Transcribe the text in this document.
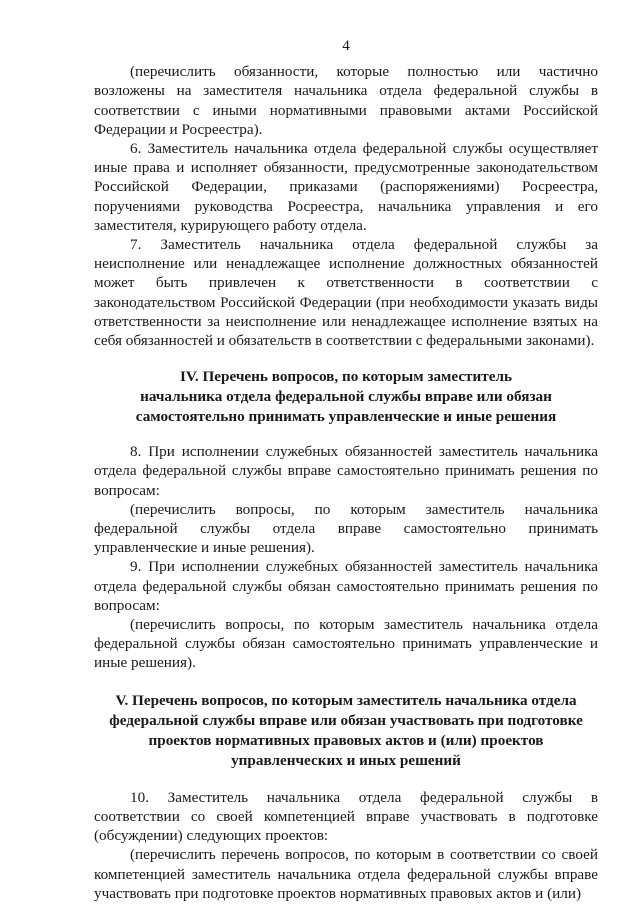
4

(перечислить обязанности, которые полностью или частично возложены на заместителя начальника отдела федеральной службы в соответствии с иными нормативными правовыми актами Российской Федерации и Росреестра).

6. Заместитель начальника отдела федеральной службы осуществляет иные права и исполняет обязанности, предусмотренные законодательством Российской Федерации, приказами (распоряжениями) Росреестра, поручениями руководства Росреестра, начальника управления и его заместителя, курирующего работу отдела.

7. Заместитель начальника отдела федеральной службы за неисполнение или ненадлежащее исполнение должностных обязанностей может быть привлечен к ответственности в соответствии с законодательством Российской Федерации (при необходимости указать виды ответственности за неисполнение или ненадлежащее исполнение взятых на себя обязанностей и обязательств в соответствии с федеральными законами).

IV. Перечень вопросов, по которым заместитель
начальника отдела федеральной службы вправе или обязан
самостоятельно принимать управленческие и иные решения

8. При исполнении служебных обязанностей заместитель начальника отдела федеральной службы вправе самостоятельно принимать решения по вопросам:

(перечислить вопросы, по которым заместитель начальника федеральной службы отдела вправе самостоятельно принимать управленческие и иные решения).

9. При исполнении служебных обязанностей заместитель начальника отдела федеральной службы обязан самостоятельно принимать решения по вопросам:

(перечислить вопросы, по которым заместитель начальника отдела федеральной службы обязан самостоятельно принимать управленческие и иные решения).

V. Перечень вопросов, по которым заместитель начальника отдела
федеральной службы вправе или обязан участвовать при подготовке
проектов нормативных правовых актов и (или) проектов
управленческих и иных решений

10. Заместитель начальника отдела федеральной службы в соответствии со своей компетенцией вправе участвовать в подготовке (обсуждении) следующих проектов:

(перечислить перечень вопросов, по которым в соответствии со своей компетенцией заместитель начальника отдела федеральной службы вправе участвовать при подготовке проектов нормативных правовых актов и (или)
